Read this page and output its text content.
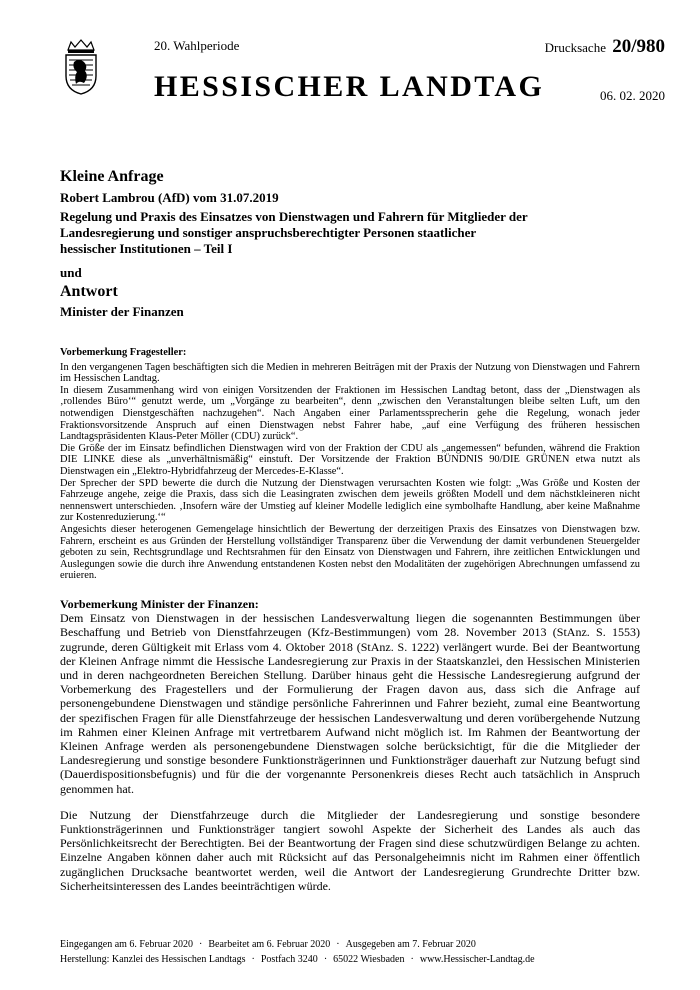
20. Wahlperiode
HESSISCHER LANDTAG
Drucksache 20/980
06. 02. 2020
Kleine Anfrage
Robert Lambrou (AfD) vom 31.07.2019
Regelung und Praxis des Einsatzes von Dienstwagen und Fahrern für Mitglieder der Landesregierung und sonstiger anspruchsberechtigter Personen staatlicher hessischer Institutionen – Teil I
und
Antwort
Minister der Finanzen
Vorbemerkung Fragesteller:

In den vergangenen Tagen beschäftigten sich die Medien in mehreren Beiträgen mit der Praxis der Nutzung von Dienstwagen und Fahrern im Hessischen Landtag.

In diesem Zusammenhang wird von einigen Vorsitzenden der Fraktionen im Hessischen Landtag betont, dass der „Dienstwagen als ‚rollendes Büro‘“ genutzt werde, um „Vorgänge zu bearbeiten“, denn „zwischen den Veranstaltungen bleibe selten Luft, um den notwendigen Dienstgeschäften nachzugehen“. Nach Angaben einer Parlamentssprecherin gehe die Regelung, wonach jeder Fraktionsvorsitzende Anspruch auf einen Dienstwagen nebst Fahrer habe, „auf eine Verfügung des früheren hessischen Landtagspräsidenten Klaus-Peter Möller (CDU) zurück“.

Die Größe der im Einsatz befindlichen Dienstwagen wird von der Fraktion der CDU als „angemessen“ befunden, während die Fraktion DIE LINKE diese als „unverhältnismäßig“ einstuft. Der Vorsitzende der Fraktion BÜNDNIS 90/DIE GRÜNEN etwa nutzt als Dienstwagen ein „Elektro-Hybridfahrzeug der Mercedes-E-Klasse“.

Der Sprecher der SPD bewerte die durch die Nutzung der Dienstwagen verursachten Kosten wie folgt: „Was Größe und Kosten der Fahrzeuge angehe, zeige die Praxis, dass sich die Leasingraten zwischen dem jeweils größten Modell und dem nächstkleineren nicht nennenswert unterschieden. ‚Insofern wäre der Umstieg auf kleiner Modelle lediglich eine symbolhafte Handlung, aber keine Maßnahme zur Kostenreduzierung.‘“

Angesichts dieser heterogenen Gemengelage hinsichtlich der Bewertung der derzeitigen Praxis des Einsatzes von Dienstwagen bzw. Fahrern, erscheint es aus Gründen der Herstellung vollständiger Transparenz über die Verwendung der damit verbundenen Steuergelder geboten zu sein, Rechtsgrundlage und Rechtsrahmen für den Einsatz von Dienstwagen und Fahrern, ihre zeitlichen Entwicklungen und Auslegungen sowie die durch ihre Anwendung entstandenen Kosten nebst den Modalitäten der zugehörigen Abrechnungen umfassend zu eruieren.

Vorbemerkung Minister der Finanzen:

Dem Einsatz von Dienstwagen in der hessischen Landesverwaltung liegen die sogenannten Bestimmungen über Beschaffung und Betrieb von Dienstfahrzeugen (Kfz-Bestimmungen) vom 28. November 2013 (StAnz. S. 1553) zugrunde, deren Gültigkeit mit Erlass vom 4. Oktober 2018 (StAnz. S. 1222) verlängert wurde. Bei der Beantwortung der Kleinen Anfrage nimmt die Hessische Landesregierung zur Praxis in der Staatskanzlei, den Hessischen Ministerien und in deren nachgeordneten Bereichen Stellung. Darüber hinaus geht die Hessische Landesregierung aufgrund der Vorbemerkung des Fragestellers und der Formulierung der Fragen davon aus, dass sich die Anfrage auf personengebundene Dienstwagen und ständige persönliche Fahrerinnen und Fahrer bezieht, zumal eine Beantwortung der spezifischen Fragen für alle Dienstfahrzeuge der hessischen Landesverwaltung und deren vorübergehende Nutzung im Rahmen einer Kleinen Anfrage mit vertretbarem Aufwand nicht möglich ist. Im Rahmen der Beantwortung der Kleinen Anfrage werden als personengebundene Dienstwagen solche berücksichtigt, für die die Mitglieder der Landesregierung und sonstige besondere Funktionsträgerinnen und Funktionsträger dauerhaft zur Nutzung befugt sind (Dauerdispositionsbefugnis) und für die der vorgenannte Personenkreis dieses Recht auch tatsächlich in Anspruch genommen hat.

Die Nutzung der Dienstfahrzeuge durch die Mitglieder der Landesregierung und sonstige besondere Funktionsträgerinnen und Funktionsträger tangiert sowohl Aspekte der Sicherheit des Landes als auch das Persönlichkeitsrecht der Berechtigten. Bei der Beantwortung der Fragen sind diese schutzwürdigen Belange zu achten. Einzelne Angaben können daher auch mit Rücksicht auf das Personalgeheimnis nicht im Rahmen einer öffentlich zugänglichen Drucksache beantwortet werden, weil die Antwort der Landesregierung Grundrechte Dritter bzw. Sicherheitsinteressen des Landes beeinträchtigen würde.

Eingegangen am 6. Februar 2020 · Bearbeitet am 6. Februar 2020 · Ausgegeben am 7. Februar 2020
Herstellung: Kanzlei des Hessischen Landtags · Postfach 3240 · 65022 Wiesbaden · www.Hessischer-Landtag.de
